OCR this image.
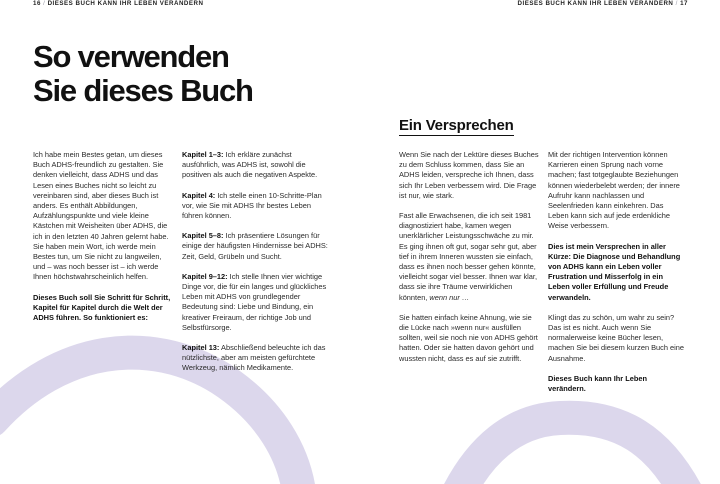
16 / DIESES BUCH KANN IHR LEBEN VERÄNDERN	DIESES BUCH KANN IHR LEBEN VERÄNDERN / 17
So verwenden
Sie dieses Buch
Ein Versprechen

Ich habe mein Bestes getan, um dieses Buch ADHS-freundlich zu gestalten. Sie denken vielleicht, dass ADHS und das Lesen eines Buches nicht so leicht zu vereinbaren sind, aber dieses Buch ist anders. Es enthält Abbildungen, Aufzählungspunkte und viele kleine Kästchen mit Weisheiten über ADHS, die ich in den letzten 40 Jahren gelernt habe. Sie haben mein Wort, ich werde mein Bestes tun, um Sie nicht zu langweilen, und – was noch besser ist – ich werde Ihnen höchstwahrscheinlich helfen.

Dieses Buch soll Sie Schritt für Schritt, Kapitel für Kapitel durch die Welt der ADHS führen. So funktioniert es:

Kapitel 1–3: Ich erkläre zunächst ausführlich, was ADHS ist, sowohl die positiven als auch die negativen Aspekte.

Kapitel 4: Ich stelle einen 10-Schritte-Plan vor, wie Sie mit ADHS Ihr bestes Leben führen können.

Kapitel 5–8: Ich präsentiere Lösungen für einige der häufigsten Hindernisse bei ADHS: Zeit, Geld, Grübeln und Sucht.

Kapitel 9–12: Ich stelle Ihnen vier wichtige Dinge vor, die für ein langes und glückliches Leben mit ADHS von grundlegender Bedeutung sind: Liebe und Bindung, ein kreativer Freiraum, der richtige Job und Selbstfürsorge.

Kapitel 13: Abschließend beleuchte ich das nützlichste, aber am meisten gefürchtete Werkzeug, nämlich Medikamente.

Wenn Sie nach der Lektüre dieses Buches zu dem Schluss kommen, dass Sie an ADHS leiden, verspreche ich Ihnen, dass sich Ihr Leben verbessern wird. Die Frage ist nur, wie stark.

Fast alle Erwachsenen, die ich seit 1981 diagnostiziert habe, kamen wegen unerklärlicher Leistungsschwäche zu mir. Es ging ihnen oft gut, sogar sehr gut, aber tief in ihrem Inneren wussten sie einfach, dass es ihnen noch besser gehen könnte, vielleicht sogar viel besser. Ihnen war klar, dass sie ihre Träume verwirklichen könnten, wenn nur …

Sie hatten einfach keine Ahnung, wie sie die Lücke nach »wenn nur« ausfüllen sollten, weil sie noch nie von ADHS gehört hatten. Oder sie hatten davon gehört und wussten nicht, dass es auf sie zutrifft.

Mit der richtigen Intervention können Karrieren einen Sprung nach vorne machen; fast totgeglaubte Beziehungen können wiederbelebt werden; der innere Aufruhr kann nachlassen und Seelenfrieden kann einkehren. Das Leben kann sich auf jede erdenkliche Weise verbessern.

Dies ist mein Versprechen in aller Kürze: Die Diagnose und Behandlung von ADHS kann ein Leben voller Frustration und Misserfolg in ein Leben voller Erfüllung und Freude verwandeln.

Klingt das zu schön, um wahr zu sein? Das ist es nicht. Auch wenn Sie normalerweise keine Bücher lesen, machen Sie bei diesem kurzen Buch eine Ausnahme.

Dieses Buch kann Ihr Leben verändern.
